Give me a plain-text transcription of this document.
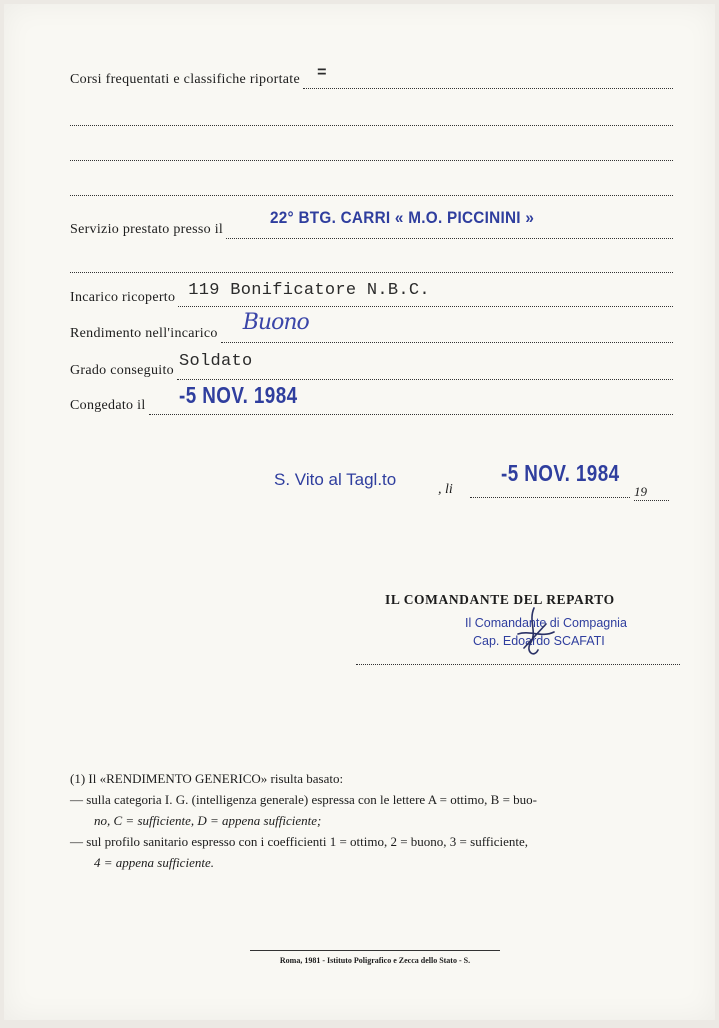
Corsi frequentati e classifiche riportate =
Servizio prestato presso il
22° BTG. CARRI « M.O. PICCININI »
Incarico ricoperto 119 Bonificatore N.B.C.
Rendimento nell'incarico Buono
Grado conseguito Soldato
Congedato il -5 NOV. 1984
S. Vito al Tagl.to
, li
-5 NOV. 1984
19
IL COMANDANTE DEL REPARTO
Il Comandante di Compagnia
Cap. Edoardo SCAFATI

(1) Il «RENDIMENTO GENERICO» risulta basato:

— sulla categoria I. G. (intelligenza generale) espressa con le lettere A = ottimo, B = buo-

no, C = sufficiente, D = appena sufficiente;

— sul profilo sanitario espresso con i coefficienti 1 = ottimo, 2 = buono, 3 = sufficiente,

4 = appena sufficiente.

Roma, 1981 - Istituto Poligrafico e Zecca dello Stato - S.
